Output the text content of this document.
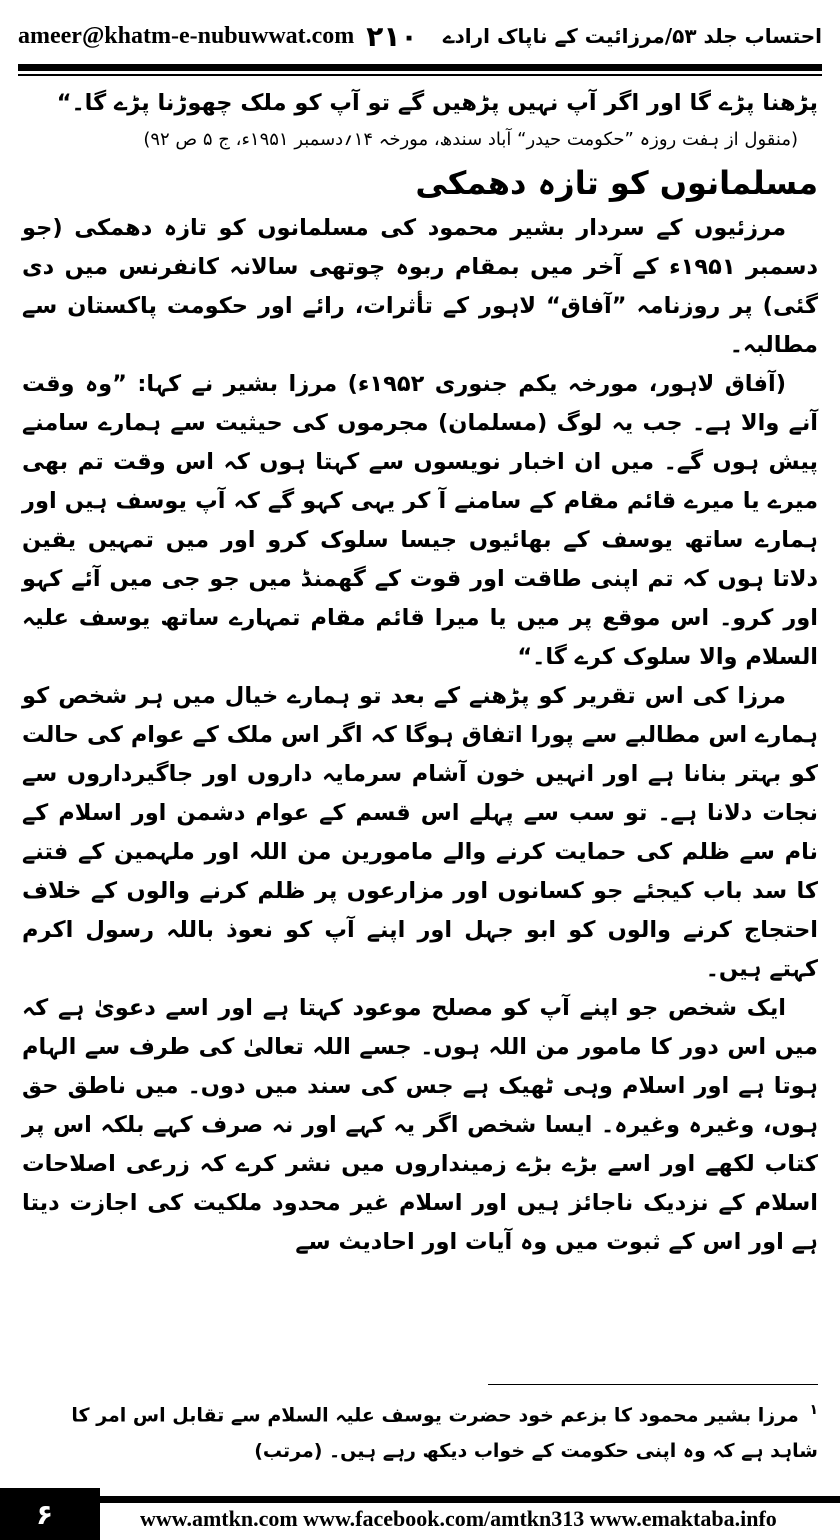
ameer@khatm-e-nubuwwat.com ۲۱۰ احتساب جلد ۵۳/مرزائیت کے ناپاک ارادے

پڑھنا پڑے گا اور اگر آپ نہیں پڑھیں گے تو آپ کو ملک چھوڑنا پڑے گا۔“

(منقول از ہفت روزہ ”حکومت حیدر“ آباد سندھ، مورخہ ۱۴؍دسمبر ۱۹۵۱ء، ج ۵ ص ۹۲)

مسلمانوں کو تازہ دھمکی

مرزئیوں کے سردار بشیر محمود کی مسلمانوں کو تازہ دھمکی (جو دسمبر ۱۹۵۱ء کے آخر میں بمقام ربوہ چوتھی سالانہ کانفرنس میں دی گئی) پر روزنامہ ”آفاق“ لاہور کے تأثرات، رائے اور حکومت پاکستان سے مطالبہ۔

(آفاق لاہور، مورخہ یکم جنوری ۱۹۵۲ء) مرزا بشیر نے کہا: ”وہ وقت آنے والا ہے۔ جب یہ لوگ (مسلمان) مجرموں کی حیثیت سے ہمارے سامنے پیش ہوں گے۔ میں ان اخبار نویسوں سے کہتا ہوں کہ اس وقت تم بھی میرے یا میرے قائم مقام کے سامنے آ کر یہی کہو گے کہ آپ یوسف ہیں اور ہمارے ساتھ یوسف کے بھائیوں جیسا سلوک کرو اور میں تمہیں یقین دلاتا ہوں کہ تم اپنی طاقت اور قوت کے گھمنڈ میں جو جی میں آئے کہو اور کرو۔ اس موقع پر میں یا میرا قائم مقام تمہارے ساتھ یوسف علیہ السلام والا سلوک کرے گا۔“

مرزا کی اس تقریر کو پڑھنے کے بعد تو ہمارے خیال میں ہر شخص کو ہمارے اس مطالبے سے پورا اتفاق ہوگا کہ اگر اس ملک کے عوام کی حالت کو بہتر بنانا ہے اور انہیں خون آشام سرمایہ داروں اور جاگیرداروں سے نجات دلانا ہے۔ تو سب سے پہلے اس قسم کے عوام دشمن اور اسلام کے نام سے ظلم کی حمایت کرنے والے مامورین من اللہ اور ملہمین کے فتنے کا سد باب کیجئے جو کسانوں اور مزارعوں پر ظلم کرنے والوں کے خلاف احتجاج کرنے والوں کو ابو جہل اور اپنے آپ کو نعوذ باللہ رسول اکرم کہتے ہیں۔

ایک شخص جو اپنے آپ کو مصلح موعود کہتا ہے اور اسے دعویٰ ہے کہ میں اس دور کا مامور من اللہ ہوں۔ جسے اللہ تعالیٰ کی طرف سے الہام ہوتا ہے اور اسلام وہی ٹھیک ہے جس کی سند میں دوں۔ میں ناطق حق ہوں، وغیرہ وغیرہ۔ ایسا شخص اگر یہ کہے اور نہ صرف کہے بلکہ اس پر کتاب لکھے اور اسے بڑے بڑے زمینداروں میں نشر کرے کہ زرعی اصلاحات اسلام کے نزدیک ناجائز ہیں اور اسلام غیر محدود ملکیت کی اجازت دیتا ہے اور اس کے ثبوت میں وہ آیات اور احادیث سے

$^۱$ مرزا بشیر محمود کا بزعم خود حضرت یوسف علیہ السلام سے تقابل اس امر کا شاہد ہے کہ وہ اپنی حکومت کے خواب دیکھ رہے ہیں۔ (مرتب)
۶	www.amtkn.com www.facebook.com/amtkn313 www.emaktaba.info
